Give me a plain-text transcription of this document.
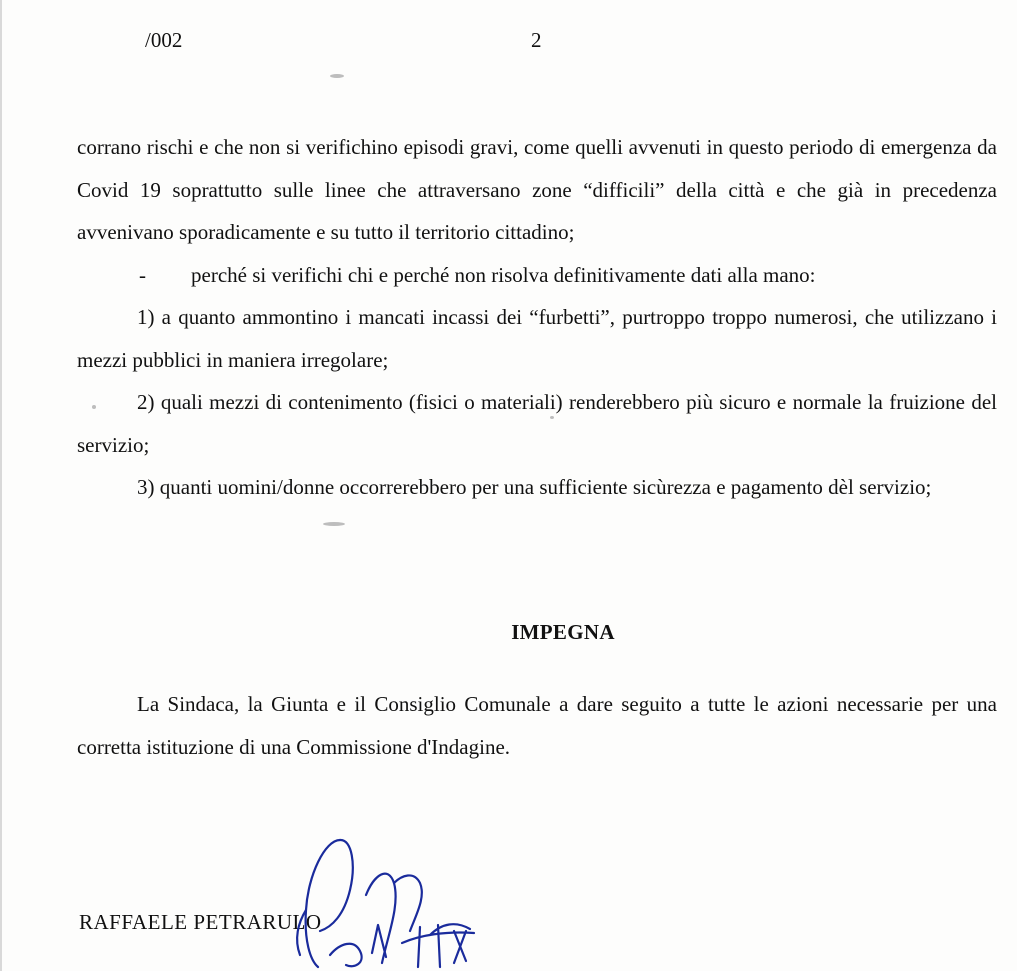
/002	2

corrano rischi e che non si verifichino episodi gravi, come quelli avvenuti in questo periodo di emergenza da Covid 19 soprattutto sulle linee che attraversano zone “difficili” della città e che già in precedenza avvenivano sporadicamente e su tutto il territorio cittadino;

- perché si verifichi chi e perché non risolva definitivamente dati alla mano:

1) a quanto ammontino i mancati incassi dei “furbetti”, purtroppo troppo numerosi, che utilizzano i mezzi pubblici in maniera irregolare;

2) quali mezzi di contenimento (fisici o materiali) renderebbero più sicuro e normale la fruizione del servizio;

3) quanti uomini/donne occorrerebbero per una sufficiente sicùrezza e pagamento dèl servizio;

IMPEGNA

La Sindaca, la Giunta e il Consiglio Comunale a dare seguito a tutte le azioni necessarie per una corretta istituzione di una Commissione d'Indagine.

RAFFAELE PETRARULO
